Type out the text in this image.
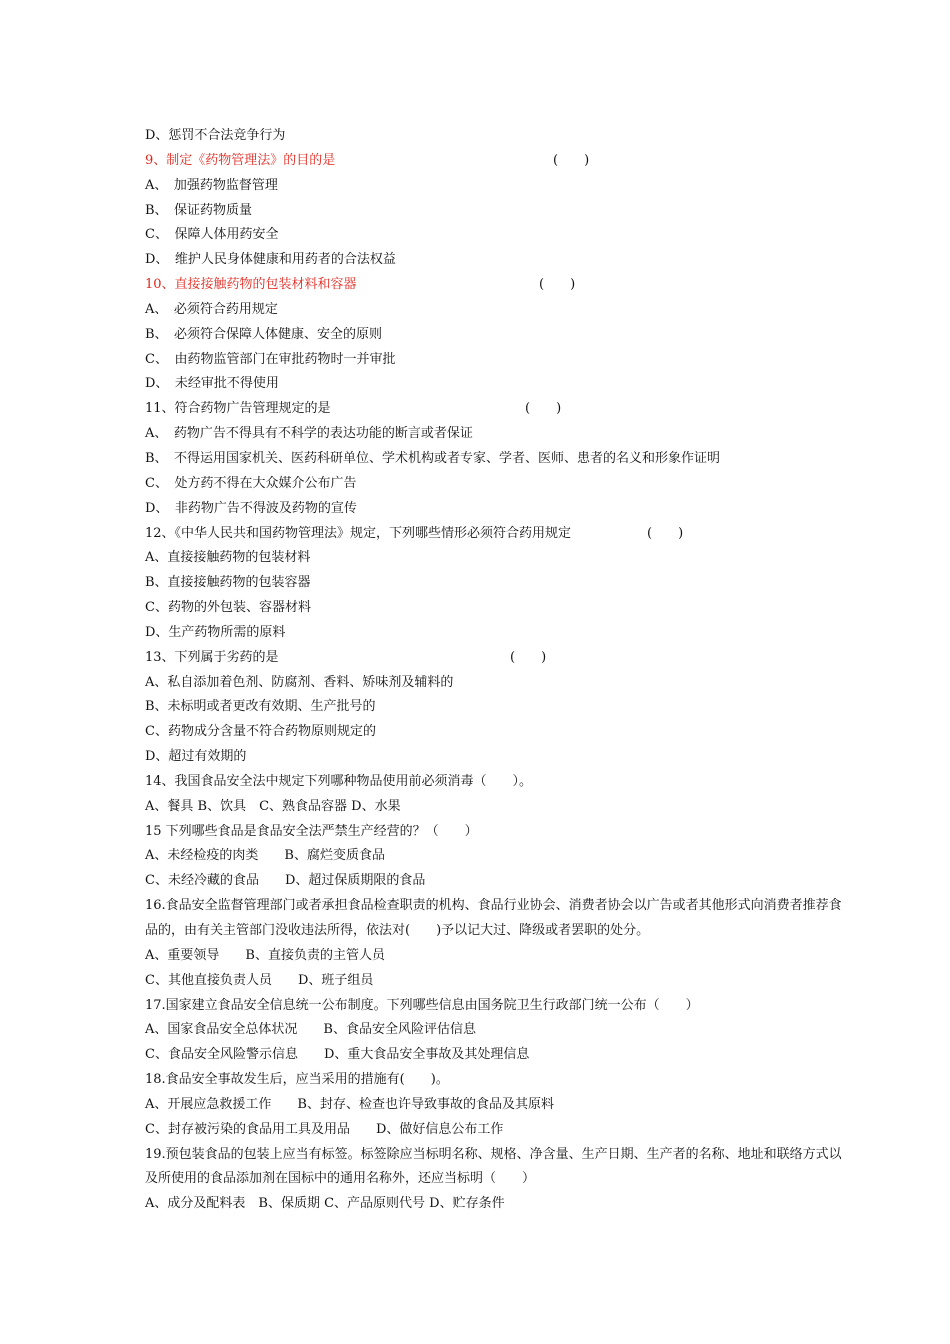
D、惩罚不合法竞争行为
9、制定《药物管理法》的目的是	(　　)
A、　加强药物监督管理
B、　保证药物质量
C、　保障人体用药安全
D、　维护人民身体健康和用药者的合法权益
10、直接接触药物的包装材料和容器	(　　)
A、　必须符合药用规定
B、　必须符合保障人体健康、安全的原则
C、　由药物监管部门在审批药物时一并审批
D、　未经审批不得使用
11、符合药物广告管理规定的是	(　　)
A、　药物广告不得具有不科学的表达功能的断言或者保证
B、　不得运用国家机关、医药科研单位、学术机构或者专家、学者、医师、患者的名义和形象作证明
C、　处方药不得在大众媒介公布广告
D、　非药物广告不得波及药物的宣传
12、《中华人民共和国药物管理法》规定，下列哪些情形必须符合药用规定	(　　)
A、直接接触药物的包装材料
B、直接接触药物的包装容器
C、药物的外包装、容器材料
D、生产药物所需的原料
13、下列属于劣药的是	(　　)
A、私自添加着色剂、防腐剂、香料、矫味剂及辅料的
B、未标明或者更改有效期、生产批号的
C、药物成分含量不符合药物原则规定的
D、超过有效期的
14、我国食品安全法中规定下列哪种物品使用前必须消毒（　　）。
A、餐具 B、饮具　C、熟食品容器 D、水果
15 下列哪些食品是食品安全法严禁生产经营的？（　　）
A、未经检疫的肉类　　B、腐烂变质食品
C、未经冷藏的食品　　D、超过保质期限的食品
16.食品安全监督管理部门或者承担食品检查职责的机构、食品行业协会、消费者协会以广告或者其他形式向消费者推荐食品的，由有关主管部门没收违法所得，依法对(　　)予以记大过、降级或者罢职的处分。
A、重要领导　　B、直接负责的主管人员
C、其他直接负责人员　　D、班子组员
17.国家建立食品安全信息统一公布制度。下列哪些信息由国务院卫生行政部门统一公布（　　）
A、国家食品安全总体状况　　B、食品安全风险评估信息
C、食品安全风险警示信息　　D、重大食品安全事故及其处理信息
18.食品安全事故发生后，应当采用的措施有(　　)。
A、开展应急救援工作　　B、封存、检查也许导致事故的食品及其原料
C、封存被污染的食品用工具及用品　　D、做好信息公布工作
19.预包装食品的包装上应当有标签。标签除应当标明名称、规格、净含量、生产日期、生产者的名称、地址和联络方式以及所使用的食品添加剂在国标中的通用名称外，还应当标明（　　）
A、成分及配料表　B、保质期 C、产品原则代号 D、贮存条件
